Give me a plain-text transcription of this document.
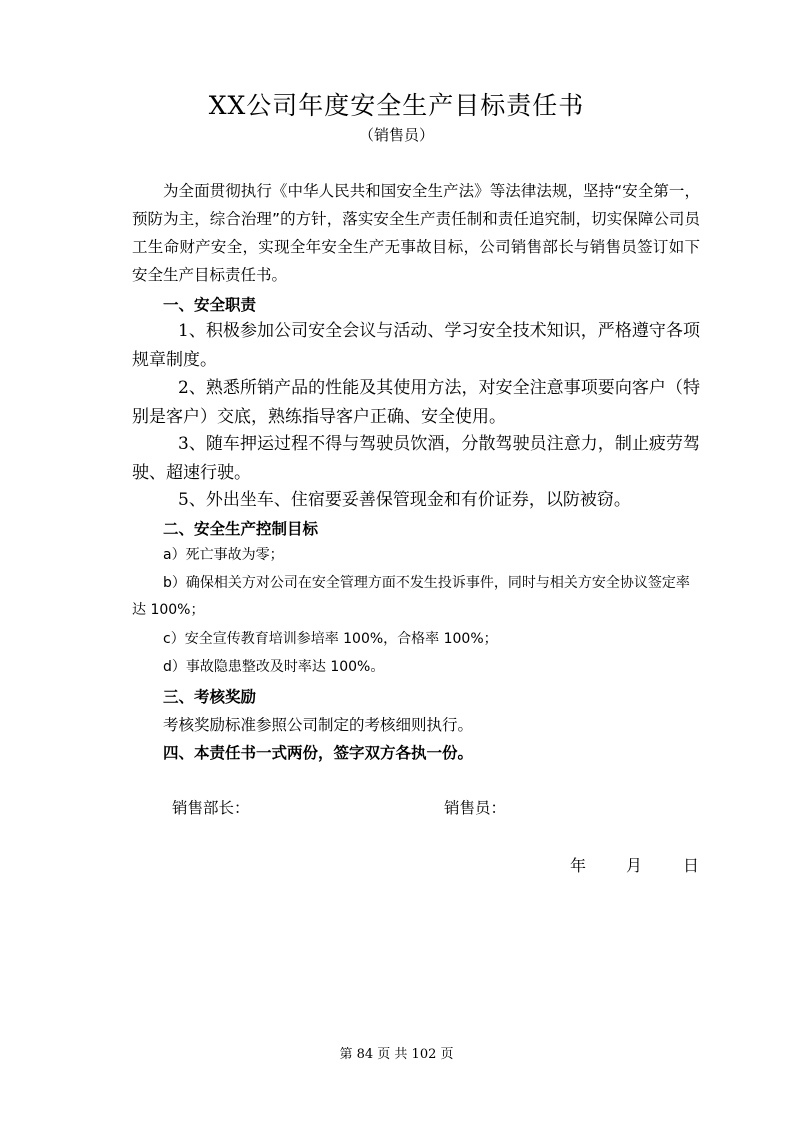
XX公司年度安全生产目标责任书
（销售员）
为全面贯彻执行《中华人民共和国安全生产法》等法律法规，坚持“安全第一，预防为主，综合治理”的方针，落实安全生产责任制和责任追究制，切实保障公司员工生命财产安全，实现全年安全生产无事故目标，公司销售部长与销售员签订如下安全生产目标责任书。
一、安全职责
1、积极参加公司安全会议与活动、学习安全技术知识，严格遵守各项规章制度。
2、熟悉所销产品的性能及其使用方法，对安全注意事项要向客户（特别是客户）交底，熟练指导客户正确、安全使用。
3、随车押运过程不得与驾驶员饮酒，分散驾驶员注意力，制止疲劳驾驶、超速行驶。
5、外出坐车、住宿要妥善保管现金和有价证券，以防被窃。
二、安全生产控制目标
a）死亡事故为零；
b）确保相关方对公司在安全管理方面不发生投诉事件，同时与相关方安全协议签定率达 100%；
c）安全宣传教育培训参培率 100%，合格率 100%；
d）事故隐患整改及时率达 100%。
三、考核奖励
考核奖励标准参照公司制定的考核细则执行。
四、本责任书一式两份，签字双方各执一份。
销售部长：	销售员：
年 月	日
第 84 页 共 102 页
